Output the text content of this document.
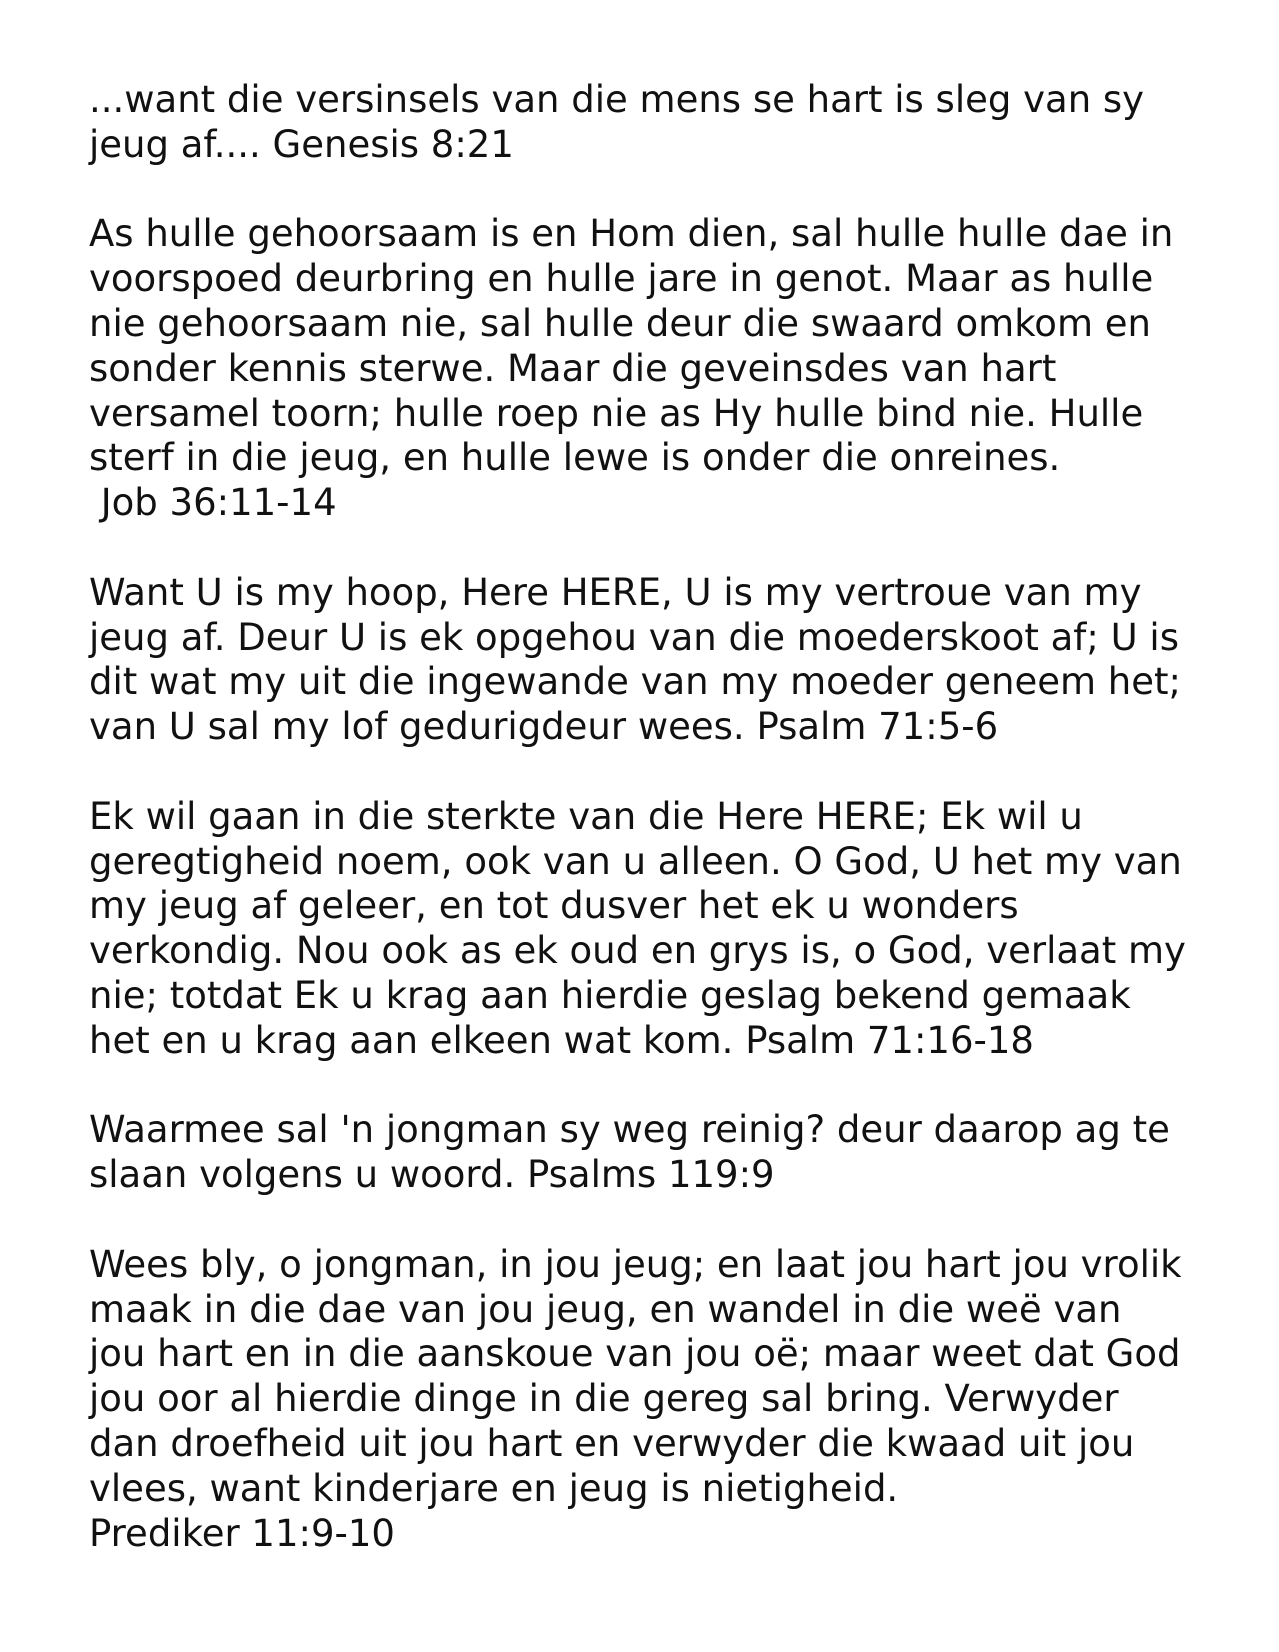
...want die versinsels van die mens se hart is sleg van sy
jeug af.... Genesis 8:21

As hulle gehoorsaam is en Hom dien, sal hulle hulle dae in
voorspoed deurbring en hulle jare in genot. Maar as hulle
nie gehoorsaam nie, sal hulle deur die swaard omkom en
sonder kennis sterwe. Maar die geveinsdes van hart
versamel toorn; hulle roep nie as Hy hulle bind nie. Hulle
sterf in die jeug, en hulle lewe is onder die onreines.
Job 36:11-14

Want U is my hoop, Here HERE, U is my vertroue van my
jeug af. Deur U is ek opgehou van die moederskoot af; U is
dit wat my uit die ingewande van my moeder geneem het;
van U sal my lof gedurigdeur wees. Psalm 71:5-6

Ek wil gaan in die sterkte van die Here HERE; Ek wil u
geregtigheid noem, ook van u alleen. O God, U het my van
my jeug af geleer, en tot dusver het ek u wonders
verkondig. Nou ook as ek oud en grys is, o God, verlaat my
nie; totdat Ek u krag aan hierdie geslag bekend gemaak
het en u krag aan elkeen wat kom. Psalm 71:16-18

Waarmee sal 'n jongman sy weg reinig? deur daarop ag te
slaan volgens u woord. Psalms 119:9

Wees bly, o jongman, in jou jeug; en laat jou hart jou vrolik
maak in die dae van jou jeug, en wandel in die weë van
jou hart en in die aanskoue van jou oë; maar weet dat God
jou oor al hierdie dinge in die gereg sal bring. Verwyder
dan droefheid uit jou hart en verwyder die kwaad uit jou
vlees, want kinderjare en jeug is nietigheid.
Prediker 11:9-10
